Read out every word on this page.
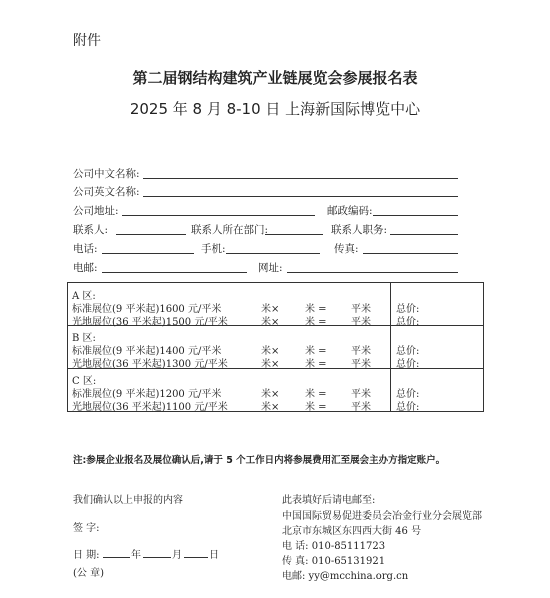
附件
第二届钢结构建筑产业链展览会参展报名表
2025 年 8 月 8-10 日 上海新国际博览中心
公司中文名称:
公司英文名称:
公司地址:	邮政编码:
联系人:	联系人所在部门:	联系人职务:
电话:	手机:	传真:
电邮:	网址:
A 区:
标准展位(9 平米起)1600 元/平米	米×	米 = 平米	总价:
光地展位(36 平米起)1500 元/平米	米×	米 = 平米	总价:
B 区:
标准展位(9 平米起)1400 元/平米	米×	米 = 平米	总价:
光地展位(36 平米起)1300 元/平米	米×	米 = 平米	总价:
C 区:
标准展位(9 平米起)1200 元/平米	米×	米 = 平米	总价:
光地展位(36 平米起)1100 元/平米	米×	米 = 平米	总价:
注:参展企业报名及展位确认后,请于 5 个工作日内将参展费用汇至展会主办方指定账户。
我们确认以上申报的内容
签 字:
日 期:	年	月	日
(公 章)
此表填好后请电邮至:
中国国际贸易促进委员会冶金行业分会展览部
北京市东城区东四西大街 46 号
电 话: 010-85111723
传 真: 010-65131921
电邮: yy@mcchina.org.cn
